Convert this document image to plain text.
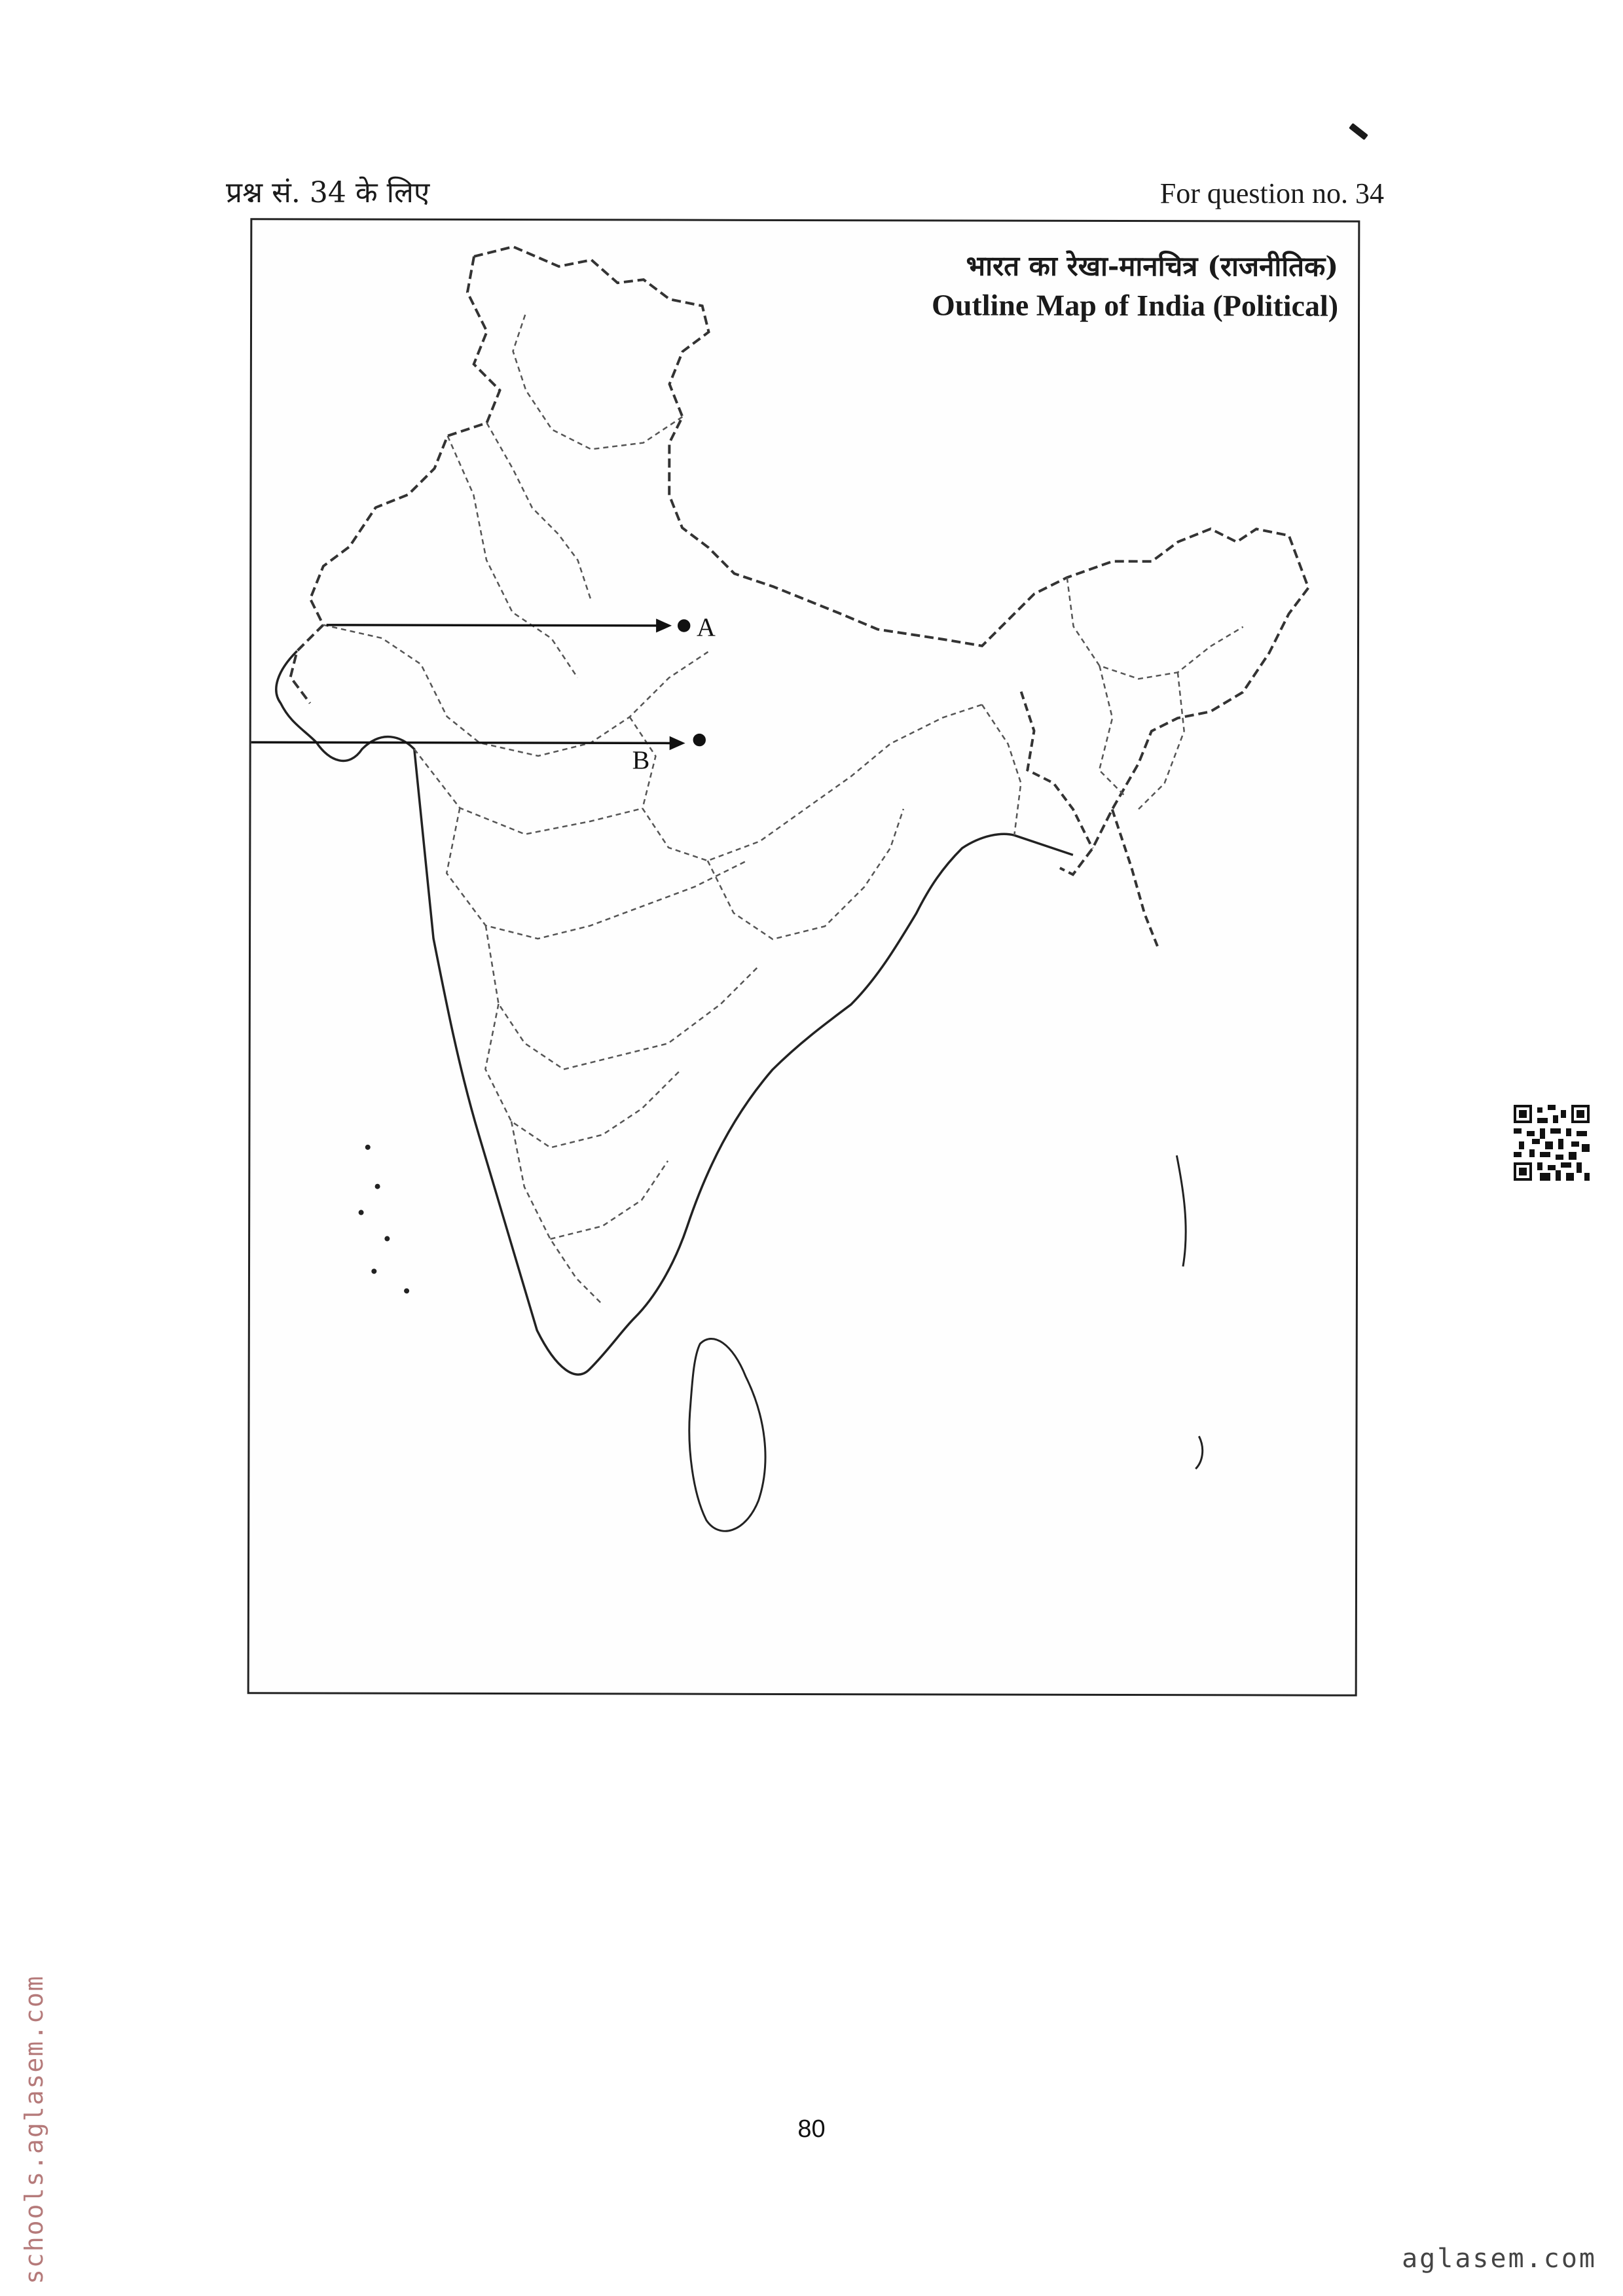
प्रश्न सं. 34 के लिए	For question no. 34
भारत का रेखा-मानचित्र (राजनीतिक)
Outline Map of India (Political)
A
B
schools.aglasem.com	80
aglasem.com
